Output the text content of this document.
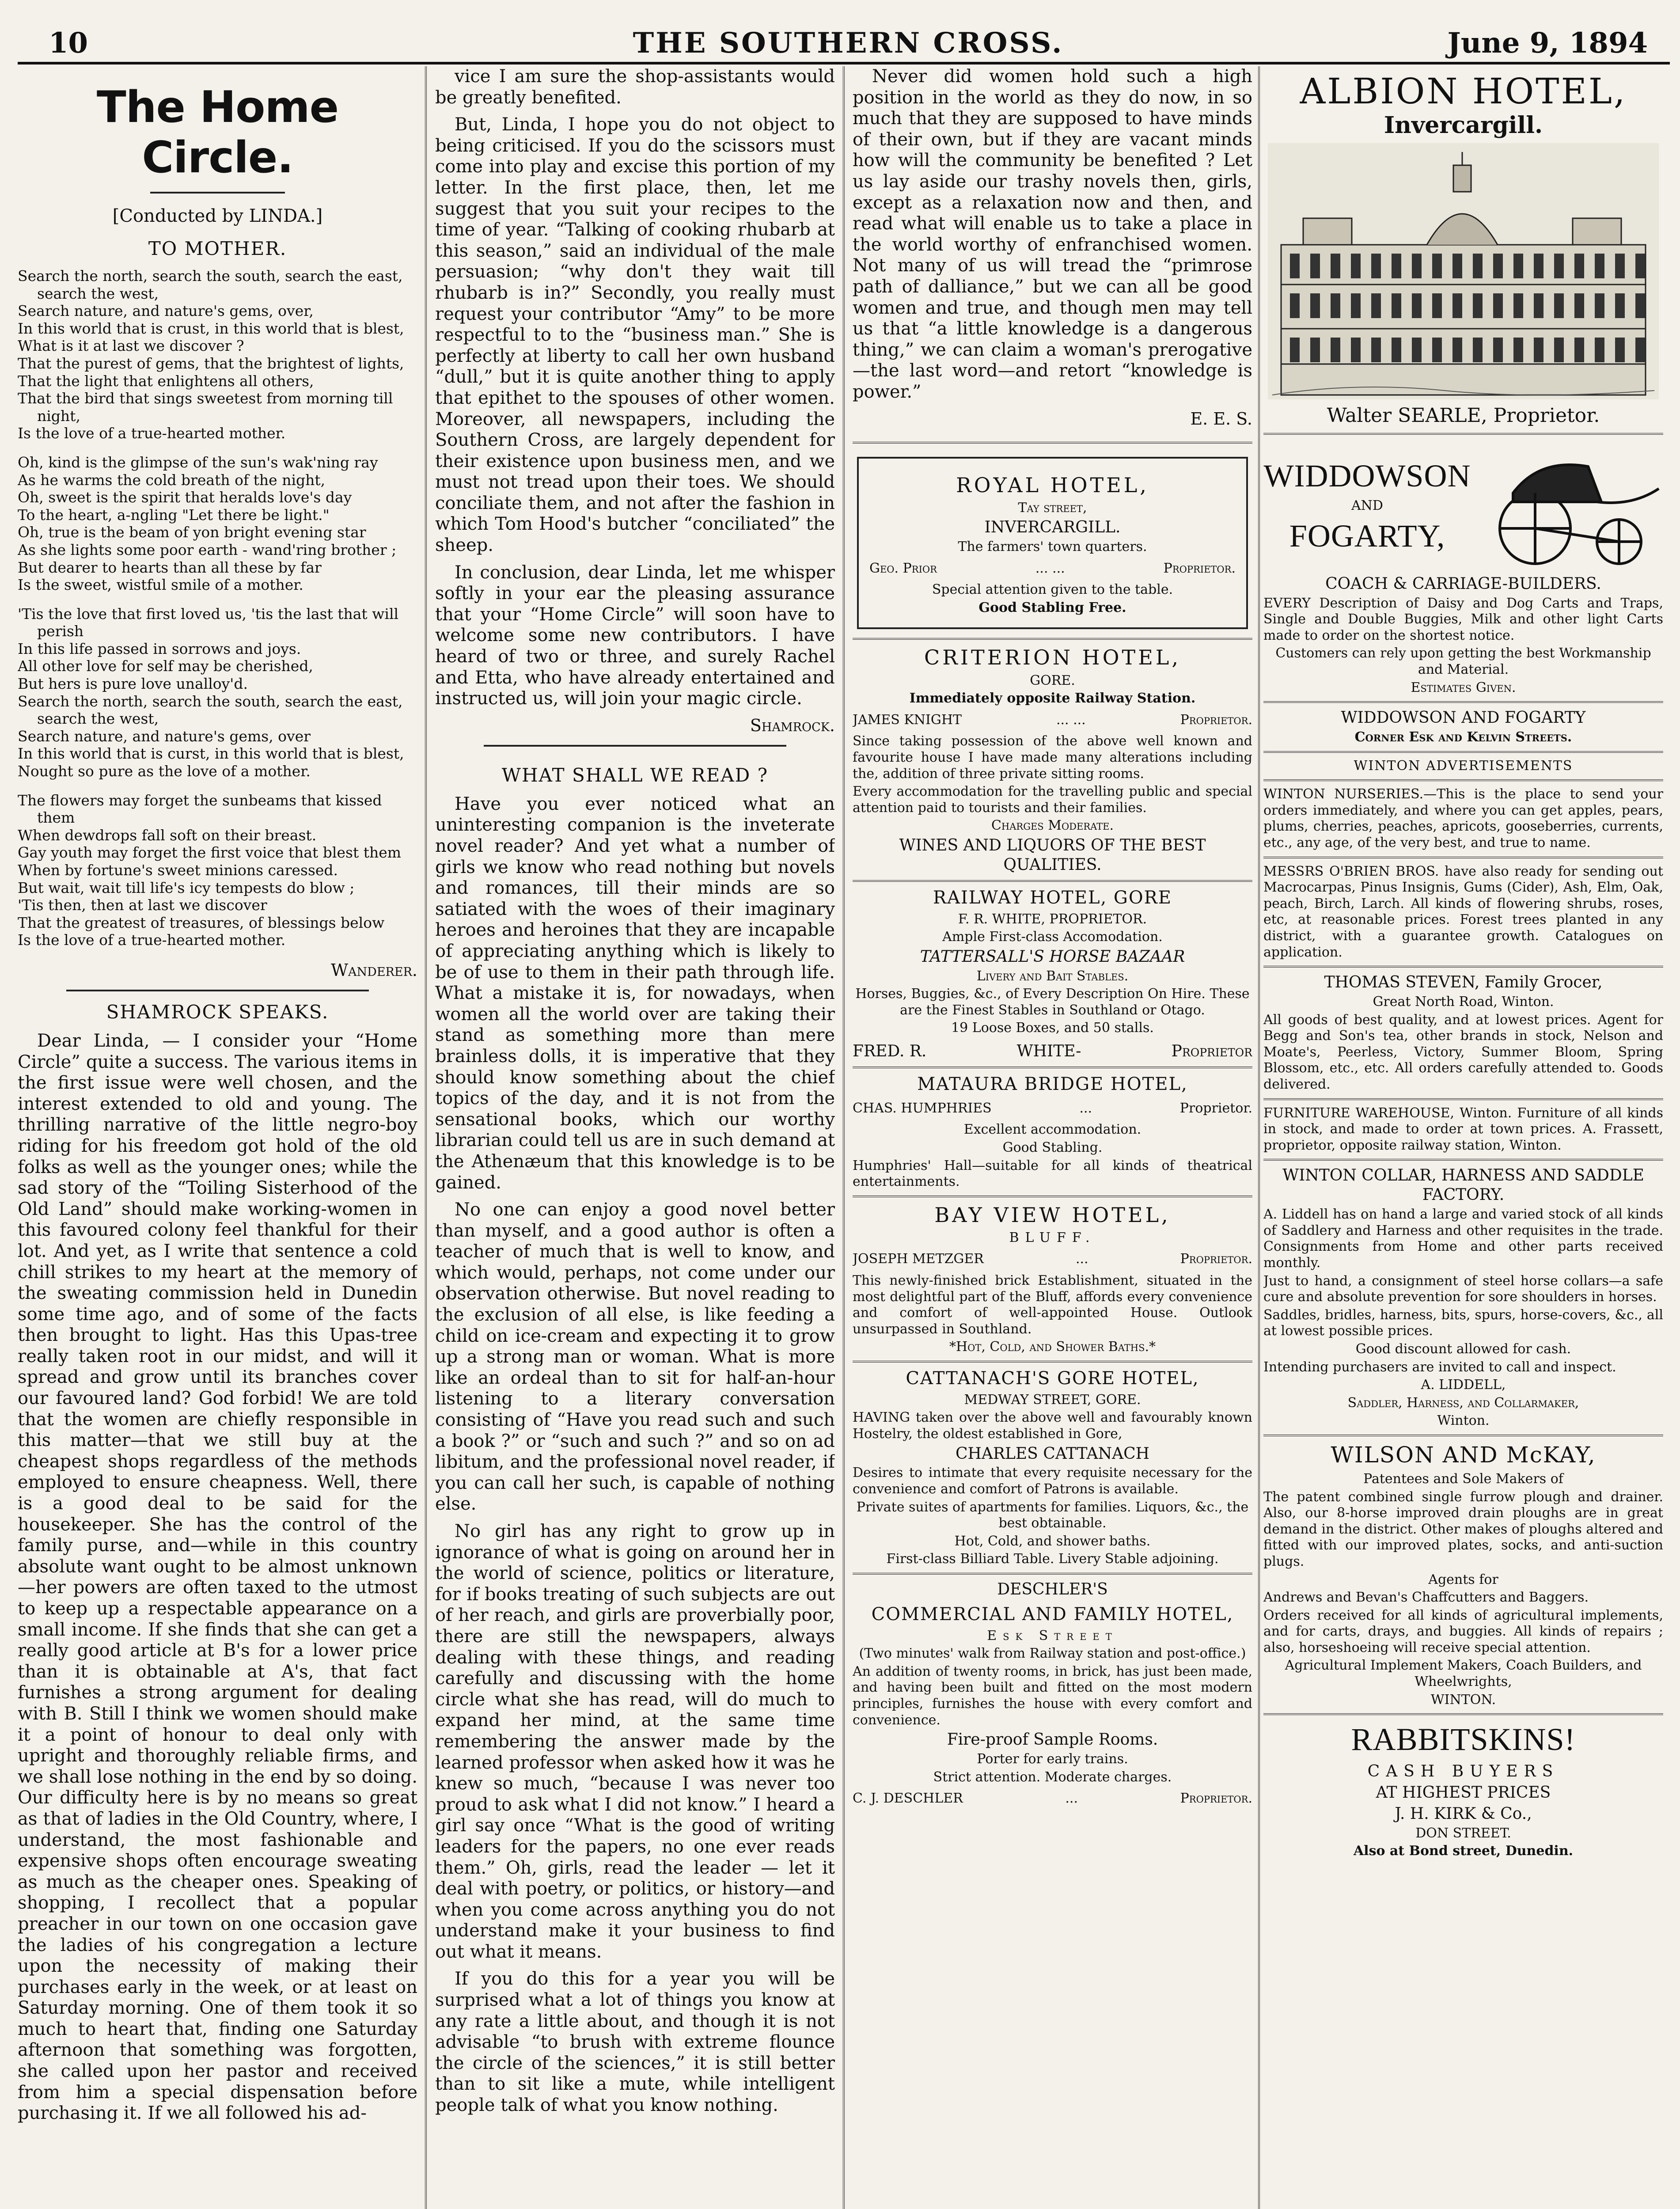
10	THE SOUTHERN CROSS.	June 9, 1894
The Home Circle.
[Conducted by LINDA.]
TO MOTHER.
Search the north, search the south, search the east, search the west,
Search nature, and nature's gems, over,
In this world that is crust, in this world that is blest,
What is it at last we discover ?
That the purest of gems, that the brightest of lights,
That the light that enlightens all others,
That the bird that sings sweetest from morning till night,
Is the love of a true-hearted mother.
Oh, kind is the glimpse of the sun's wak'ning ray
As he warms the cold breath of the night,
Oh, sweet is the spirit that heralds love's day
To the heart, a-ngling "Let there be light."
Oh, true is the beam of yon bright evening star
As she lights some poor earth - wand'ring brother ;
But dearer to hearts than all these by far
Is the sweet, wistful smile of a mother.
'Tis the love that first loved us, 'tis the last that will perish
In this life passed in sorrows and joys.
All other love for self may be cherished,
But hers is pure love unalloy'd.
Search the north, search the south, search the east, search the west,
Search nature, and nature's gems, over
In this world that is curst, in this world that is blest,
Nought so pure as the love of a mother.
The flowers may forget the sunbeams that kissed them
When dewdrops fall soft on their breast.
Gay youth may forget the first voice that blest them
When by fortune's sweet minions caressed.
But wait, wait till life's icy tempests do blow ;
'Tis then, then at last we discover
That the greatest of treasures, of blessings below
Is the love of a true-hearted mother.
Wanderer.
SHAMROCK SPEAKS.

Dear Linda, — I consider your “Home Circle” quite a success. The various items in the first issue were well chosen, and the interest extended to old and young. The thrilling narrative of the little negro-boy riding for his freedom got hold of the old folks as well as the younger ones; while the sad story of the “Toiling Sisterhood of the Old Land” should make working-women in this favoured colony feel thankful for their lot. And yet, as I write that sentence a cold chill strikes to my heart at the memory of the sweating commission held in Dunedin some time ago, and of some of the facts then brought to light. Has this Upas-tree really taken root in our midst, and will it spread and grow until its branches cover our favoured land? God forbid! We are told that the women are chiefly responsible in this matter—that we still buy at the cheapest shops regardless of the methods employed to ensure cheapness. Well, there is a good deal to be said for the housekeeper. She has the control of the family purse, and—while in this country absolute want ought to be almost unknown—her powers are often taxed to the utmost to keep up a respectable appearance on a small income. If she finds that she can get a really good article at B's for a lower price than it is obtainable at A's, that fact furnishes a strong argument for dealing with B. Still I think we women should make it a point of honour to deal only with upright and thoroughly reliable firms, and we shall lose nothing in the end by so doing. Our difficulty here is by no means so great as that of ladies in the Old Country, where, I understand, the most fashionable and expensive shops often encourage sweating as much as the cheaper ones. Speaking of shopping, I recollect that a popular preacher in our town on one occasion gave the ladies of his congregation a lecture upon the necessity of making their purchases early in the week, or at least on Saturday morning. One of them took it so much to heart that, finding one Saturday afternoon that something was forgotten, she called upon her pastor and received from him a special dispensation before purchasing it. If we all followed his ad-

vice I am sure the shop-assistants would be greatly benefited.

But, Linda, I hope you do not object to being criticised. If you do the scissors must come into play and excise this portion of my letter. In the first place, then, let me suggest that you suit your recipes to the time of year. “Talking of cooking rhubarb at this season,” said an individual of the male persuasion; “why don't they wait till rhubarb is in?” Secondly, you really must request your contributor “Amy” to be more respectful to to the “business man.” She is perfectly at liberty to call her own husband “dull,” but it is quite another thing to apply that epithet to the spouses of other women. Moreover, all newspapers, including the Southern Cross, are largely dependent for their existence upon business men, and we must not tread upon their toes. We should conciliate them, and not after the fashion in which Tom Hood's butcher “conciliated” the sheep.

In conclusion, dear Linda, let me whisper softly in your ear the pleasing assurance that your “Home Circle” will soon have to welcome some new contributors. I have heard of two or three, and surely Rachel and Etta, who have already entertained and instructed us, will join your magic circle.

Shamrock.
WHAT SHALL WE READ ?

Have you ever noticed what an uninteresting companion is the inveterate novel reader? And yet what a number of girls we know who read nothing but novels and romances, till their minds are so satiated with the woes of their imaginary heroes and heroines that they are incapable of appreciating anything which is likely to be of use to them in their path through life. What a mistake it is, for nowadays, when women all the world over are taking their stand as something more than mere brainless dolls, it is imperative that they should know something about the chief topics of the day, and it is not from the sensational books, which our worthy librarian could tell us are in such demand at the Athenæum that this knowledge is to be gained.

No one can enjoy a good novel better than myself, and a good author is often a teacher of much that is well to know, and which would, perhaps, not come under our observation otherwise. But novel reading to the exclusion of all else, is like feeding a child on ice-cream and expecting it to grow up a strong man or woman. What is more like an ordeal than to sit for half-an-hour listening to a literary conversation consisting of “Have you read such and such a book ?” or “such and such ?” and so on ad libitum, and the professional novel reader, if you can call her such, is capable of nothing else.

No girl has any right to grow up in ignorance of what is going on around her in the world of science, politics or literature, for if books treating of such subjects are out of her reach, and girls are proverbially poor, there are still the newspapers, always dealing with these things, and reading carefully and discussing with the home circle what she has read, will do much to expand her mind, at the same time remembering the answer made by the learned professor when asked how it was he knew so much, “because I was never too proud to ask what I did not know.” I heard a girl say once “What is the good of writing leaders for the papers, no one ever reads them.” Oh, girls, read the leader — let it deal with poetry, or politics, or history—and when you come across anything you do not understand make it your business to find out what it means.

If you do this for a year you will be surprised what a lot of things you know at any rate a little about, and though it is not advisable “to brush with extreme flounce the circle of the sciences,” it is still better than to sit like a mute, while intelligent people talk of what you know nothing.

Never did women hold such a high position in the world as they do now, in so much that they are supposed to have minds of their own, but if they are vacant minds how will the community be benefited ? Let us lay aside our trashy novels then, girls, except as a relaxation now and then, and read what will enable us to take a place in the world worthy of enfranchised women. Not many of us will tread the “primrose path of dalliance,” but we can all be good women and true, and though men may tell us that “a little knowledge is a dangerous thing,” we can claim a woman's prerogative —the last word—and retort “knowledge is power.”

E. E. S.
ROYAL HOTEL,

Tay street,

INVERCARGILL.

The farmers' town quarters.

Geo. Prior	... ...	Proprietor.

Special attention given to the table.

Good Stabling Free.

CRITERION HOTEL,

GORE.

Immediately opposite Railway Station.

JAMES KNIGHT	... ...	Proprietor.

Since taking possession of the above well known and favourite house I have made many alterations including the, addition of three private sitting rooms.

Every accommodation for the travelling public and special attention paid to tourists and their families.

Charges Moderate.

WINES AND LIQUORS OF THE BEST QUALITIES.

RAILWAY HOTEL, GORE

F. R. WHITE, PROPRIETOR.

Ample First-class Accomodation.

TATTERSALL'S HORSE BAZAAR

Livery and Bait Stables.

Horses, Buggies, &c., of Every Description On Hire. These are the Finest Stables in Southland or Otago.

19 Loose Boxes, and 50 stalls.

FRED. R.	WHITE-	Proprietor
MATAURA BRIDGE HOTEL,
CHAS. HUMPHRIES	...	Proprietor.

Excellent accommodation.

Good Stabling.

Humphries' Hall—suitable for all kinds of theatrical entertainments.

BAY VIEW HOTEL,

BLUFF.

JOSEPH METZGER	...	Proprietor.

This newly-finished brick Establishment, situated in the most delightful part of the Bluff, affords every convenience and comfort of well-appointed House. Outlook unsurpassed in Southland.

*Hot, Cold, and Shower Baths.*

CATTANACH'S GORE HOTEL,

MEDWAY STREET, GORE.

HAVING taken over the above well and favourably known Hostelry, the oldest established in Gore,

CHARLES CATTANACH

Desires to intimate that every requisite necessary for the convenience and comfort of Patrons is available.

Private suites of apartments for families. Liquors, &c., the best obtainable.

Hot, Cold, and shower baths.

First-class Billiard Table. Livery Stable adjoining.

DESCHLER'S

COMMERCIAL AND FAMILY HOTEL,

Esk Street

(Two minutes' walk from Railway station and post-office.)

An addition of twenty rooms, in brick, has just been made, and having been built and fitted on the most modern principles, furnishes the house with every comfort and convenience.

Fire-proof Sample Rooms.

Porter for early trains.

Strict attention. Moderate charges.

C. J. DESCHLER	...	Proprietor.
ALBION HOTEL,
Invercargill.
Walter SEARLE, Proprietor.
WIDDOWSON

AND

FOGARTY,

COACH & CARRIAGE-BUILDERS.

EVERY Description of Daisy and Dog Carts and Traps, Single and Double Buggies, Milk and other light Carts made to order on the shortest notice.

Customers can rely upon getting the best Workmanship and Material.

Estimates Given.

WIDDOWSON AND FOGARTY

Corner Esk and Kelvin Streets.

WINTON ADVERTISEMENTS

WINTON NURSERIES.—This is the place to send your orders immediately, and where you can get apples, pears, plums, cherries, peaches, apricots, gooseberries, currents, etc., any age, of the very best, and true to name.

MESSRS O'BRIEN BROS. have also ready for sending out Macrocarpas, Pinus Insignis, Gums (Cider), Ash, Elm, Oak, peach, Birch, Larch. All kinds of flowering shrubs, roses, etc, at reasonable prices. Forest trees planted in any district, with a guarantee growth. Catalogues on application.

THOMAS STEVEN, Family Grocer,

Great North Road, Winton.

All goods of best quality, and at lowest prices. Agent for Begg and Son's tea, other brands in stock, Nelson and Moate's, Peerless, Victory, Summer Bloom, Spring Blossom, etc., etc. All orders carefully attended to. Goods delivered.

FURNITURE WAREHOUSE, Winton. Furniture of all kinds in stock, and made to order at town prices. A. Frassett, proprietor, opposite railway station, Winton.

WINTON COLLAR, HARNESS AND SADDLE FACTORY.

A. Liddell has on hand a large and varied stock of all kinds of Saddlery and Harness and other requisites in the trade. Consignments from Home and other parts received monthly.

Just to hand, a consignment of steel horse collars—a safe cure and absolute prevention for sore shoulders in horses.

Saddles, bridles, harness, bits, spurs, horse-covers, &c., all at lowest possible prices.

Good discount allowed for cash.

Intending purchasers are invited to call and inspect.

A. LIDDELL,

Saddler, Harness, and Collarmaker,

Winton.

WILSON AND McKAY,

Patentees and Sole Makers of

The patent combined single furrow plough and drainer. Also, our 8-horse improved drain ploughs are in great demand in the district. Other makes of ploughs altered and fitted with our improved plates, socks, and anti-suction plugs.

Agents for

Andrews and Bevan's Chaffcutters and Baggers.

Orders received for all kinds of agricultural implements, and for carts, drays, and buggies. All kinds of repairs ; also, horseshoeing will receive special attention.

Agricultural Implement Makers, Coach Builders, and Wheelwrights,

WINTON.

RABBITSKINS!

CASH BUYERS

AT HIGHEST PRICES

J. H. KIRK & Co.,

DON STREET.

Also at Bond street, Dunedin.
